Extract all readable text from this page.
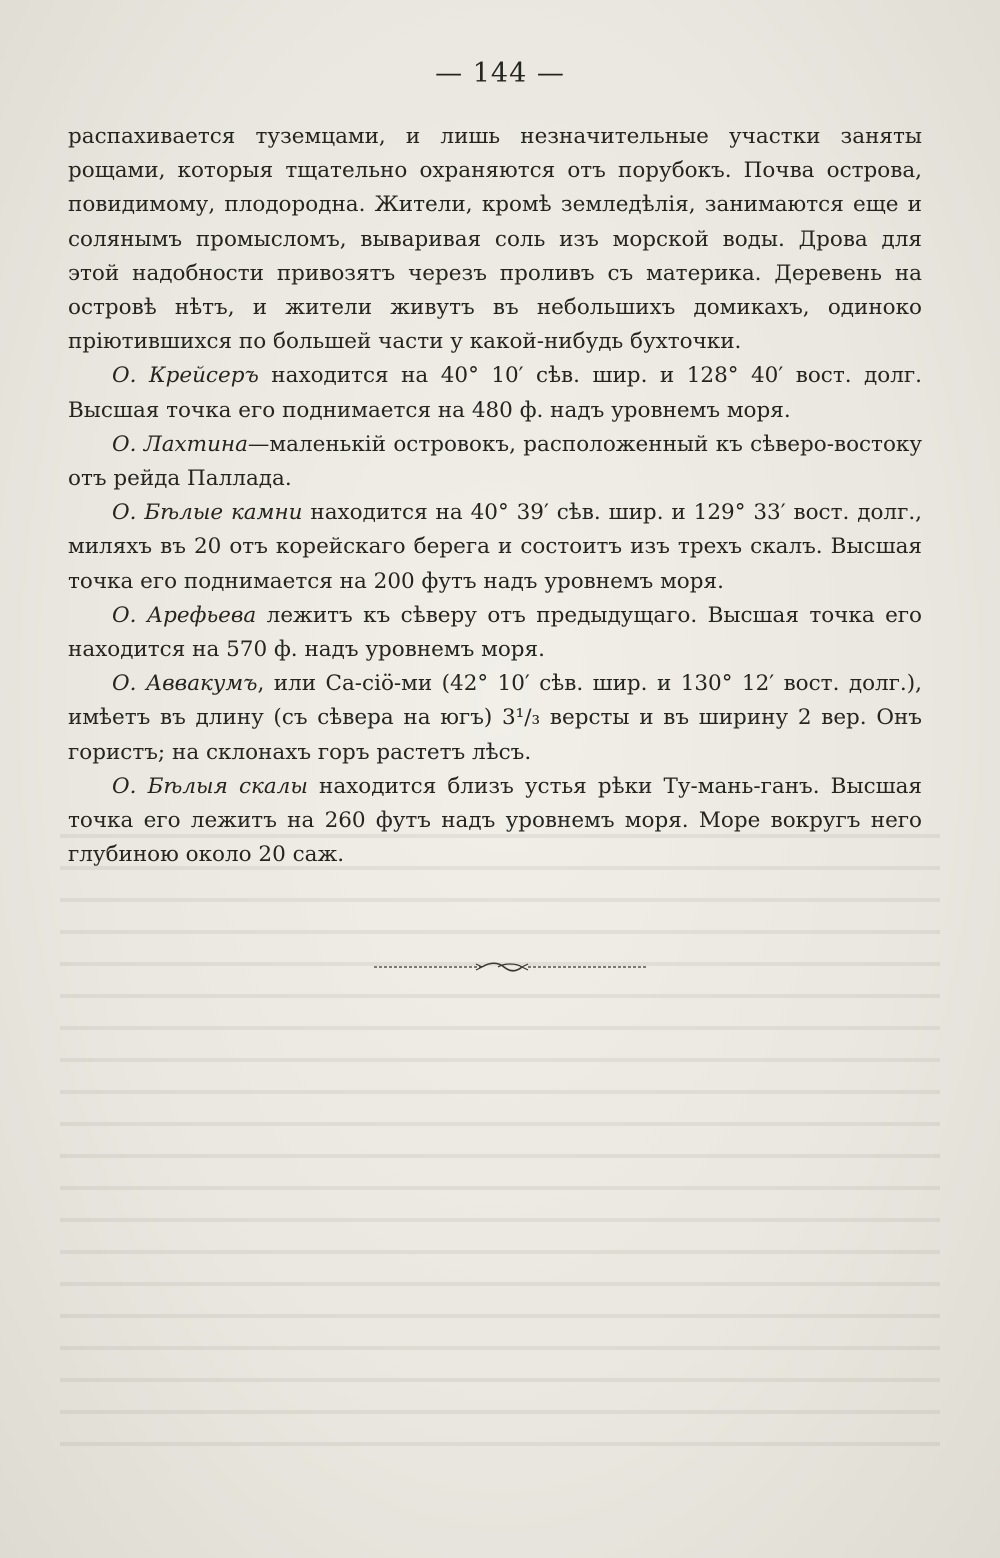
— 144 —

распахивается туземцами, и лишь незначительные участки заняты рощами, которыя тщательно охраняются отъ порубокъ. Почва острова, повидимому, плодородна. Жители, кромѣ земледѣлія, занимаются еще и солянымъ промысломъ, вываривая соль изъ морской воды. Дрова для этой надобности привозятъ черезъ проливъ съ материка. Деревень на островѣ нѣтъ, и жители живутъ въ небольшихъ домикахъ, одиноко пріютившихся по большей части у какой-нибудь бухточки.

О. Крейсеръ находится на 40° 10′ сѣв. шир. и 128° 40′ вост. долг. Высшая точка его поднимается на 480 ф. надъ уровнемъ моря.

О. Лахтина—маленькій островокъ, расположенный къ сѣверо-востоку отъ рейда Паллада.

О. Бѣлые камни находится на 40° 39′ сѣв. шир. и 129° 33′ вост. долг., миляхъ въ 20 отъ корейскаго берега и состоитъ изъ трехъ скалъ. Высшая точка его поднимается на 200 футъ надъ уровнемъ моря.

О. Арефьева лежитъ къ сѣверу отъ предыдущаго. Высшая точка его находится на 570 ф. надъ уровнемъ моря.

О. Аввакумъ, или Са-сіö-ми (42° 10′ сѣв. шир. и 130° 12′ вост. долг.), имѣетъ въ длину (съ сѣвера на югъ) 3¹/₃ версты и въ ширину 2 вер. Онъ гористъ; на склонахъ горъ растетъ лѣсъ.

О. Бѣлыя скалы находится близъ устья рѣки Ту-мань-ганъ. Высшая точка его лежитъ на 260 футъ надъ уровнемъ моря. Море вокругъ него глубиною около 20 саж.
